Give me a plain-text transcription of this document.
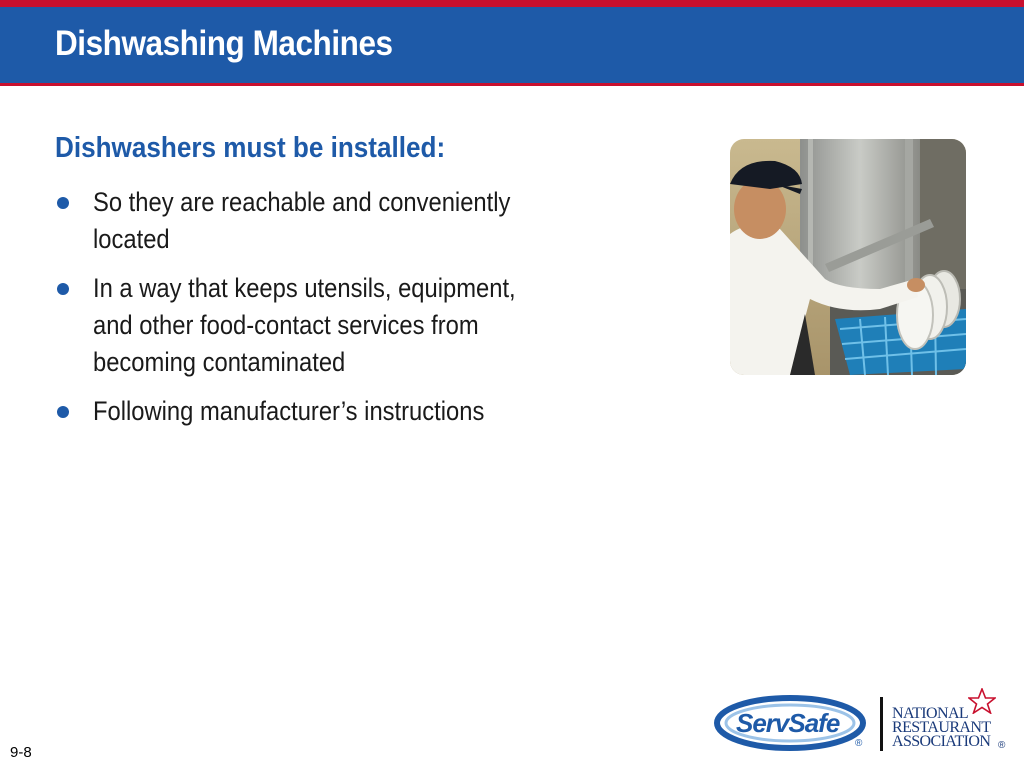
Dishwashing Machines
Dishwashers must be installed:
So they are reachable and conveniently
located
In a way that keeps utensils, equipment,
and other food-contact services from
becoming contaminated
Following manufacturer’s instructions
9-8
ServSafe
®
NATIONAL
RESTAURANT
ASSOCIATION ®
